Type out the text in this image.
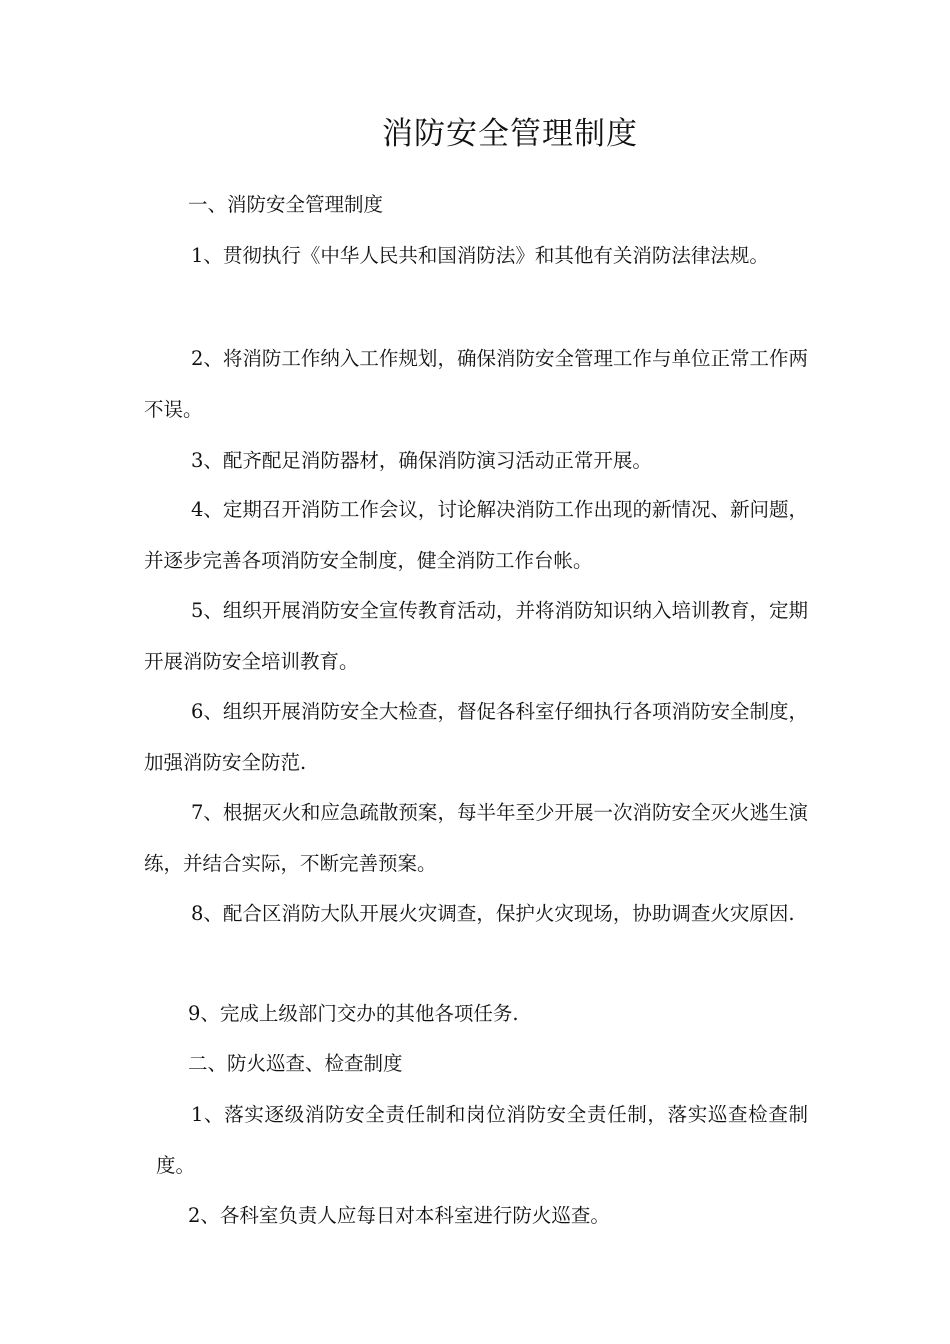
消防安全管理制度

一、消防安全管理制度

1、贯彻执行《中华人民共和国消防法》和其他有关消防法律法规。

2、将消防工作纳入工作规划，确保消防安全管理工作与单位正常工作两不误。

3、配齐配足消防器材，确保消防演习活动正常开展。

4、定期召开消防工作会议，讨论解决消防工作出现的新情况、新问题，并逐步完善各项消防安全制度，健全消防工作台帐。

5、组织开展消防安全宣传教育活动，并将消防知识纳入培训教育，定期开展消防安全培训教育。

6、组织开展消防安全大检查，督促各科室仔细执行各项消防安全制度，加强消防安全防范.

7、根据灭火和应急疏散预案，每半年至少开展一次消防安全灭火逃生演练，并结合实际，不断完善预案。

8、配合区消防大队开展火灾调查，保护火灾现场，协助调查火灾原因.

9、完成上级部门交办的其他各项任务.

二、防火巡查、检查制度

1、落实逐级消防安全责任制和岗位消防安全责任制，落实巡查检查制度。

2、各科室负责人应每日对本科室进行防火巡查。
